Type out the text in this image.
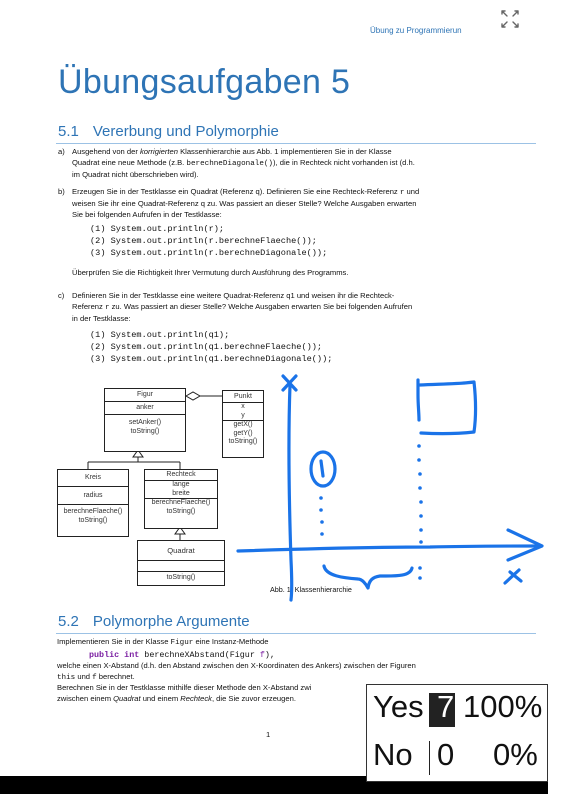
Übung zu Programmierun
Übungsaufgaben 5
5.1 Vererbung und Polymorphie
a) Ausgehend von der korrigierten Klassenhierarchie aus Abb. 1 implementieren Sie in der Klasse
Quadrat eine neue Methode (z.B. berechneDiagonale()), die in Rechteck nicht vorhanden ist (d.h.
im Quadrat nicht überschrieben wird).
b) Erzeugen Sie in der Testklasse ein Quadrat (Referenz q). Definieren Sie eine Rechteck-Referenz r und
weisen Sie ihr eine Quadrat-Referenz q zu. Was passiert an dieser Stelle? Welche Ausgaben erwarten
Sie bei folgenden Aufrufen in der Testklasse:
(1) System.out.println(r);
(2) System.out.println(r.berechneFlaeche());
(3) System.out.println(r.berechneDiagonale());
Überprüfen Sie die Richtigkeit Ihrer Vermutung durch Ausführung des Programms.
c) Definieren Sie in der Testklasse eine weitere Quadrat-Referenz q1 und weisen ihr die Rechteck-
Referenz r zu. Was passiert an dieser Stelle? Welche Ausgaben erwarten Sie bei folgenden Aufrufen
in der Testklasse:
(1) System.out.println(q1);
(2) System.out.println(q1.berechneFlaeche());
(3) System.out.println(q1.berechneDiagonale());
Figur
anker
setAnker()
toString()
Punkt
x
y
getX()
getY()
toString()
Kreis
radius
berechneFlaeche()
toString()
Rechteck
lange
breite
berechneFlaeche()
toString()
Quadrat
toString()
Abb. 1: Klassenhierarchie
5.2 Polymorphe Argumente
Implementieren Sie in der Klasse Figur eine Instanz-Methode
public int berechneXAbstand(Figur f),
welche einen X-Abstand (d.h. den Abstand zwischen den X-Koordinaten des Ankers) zwischen der Figuren
this und f berechnet.
Berechnen Sie in der Testklasse mithilfe dieser Methode den X-Abstand zwi
zwischen einem Quadrat und einem Rechteck, die Sie zuvor erzeugen.
1
Yes 7 100%
No 0 0%
